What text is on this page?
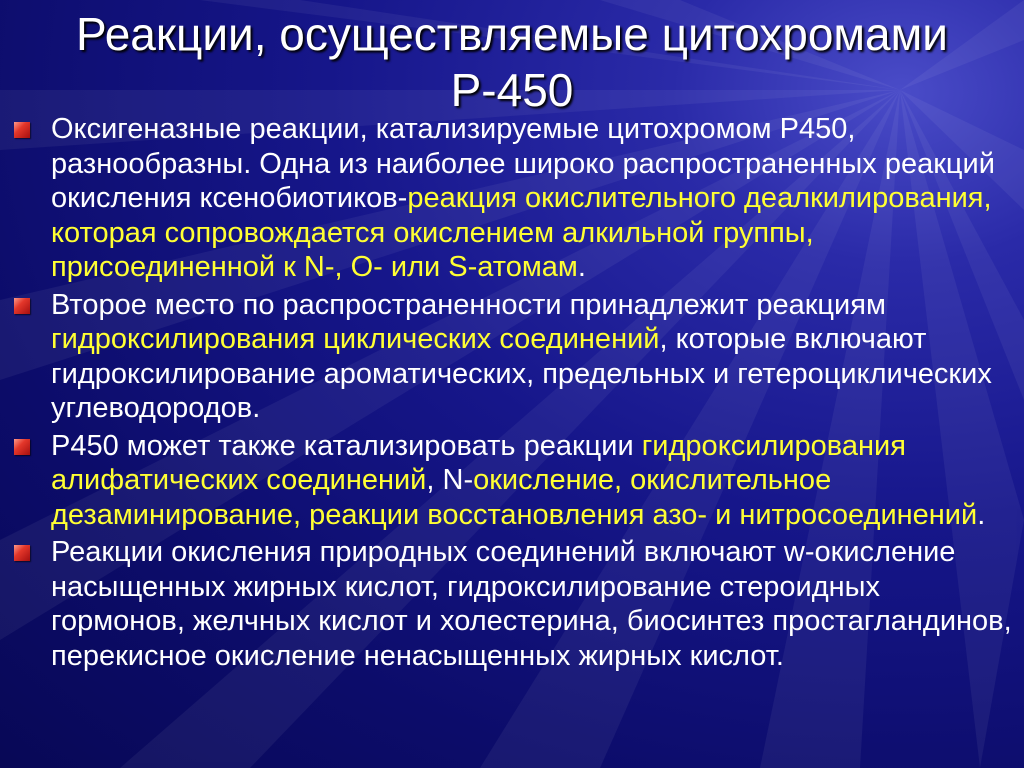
Реакции, осуществляемые цитохромами
Р-450
Оксигеназные реакции, катализируемые цитохромом Р450, разнообразны. Одна из наиболее широко распространенных реакций окисления ксенобиотиков-реакция окислительного деалкилирования, которая сопровождается окислением алкильной группы, присоединенной к N-, О- или S-атомам.
Второе место по распространенности принадлежит реакциям гидроксилирования циклических соединений, которые включают гидроксилирование ароматических, предельных и гетероциклических углеводородов.
Р450 может также катализировать реакции гидроксилирования алифатических соединений, N-окисление, окислительное дезаминирование, реакции восстановления азо- и нитросоединений.
Реакции окисления природных соединений включают w-окисление насыщенных жирных кислот, гидроксилирование стероидных гормонов, желчных кислот и холестерина, биосинтез простагландинов, перекисное окисление ненасыщенных жирных кислот.
